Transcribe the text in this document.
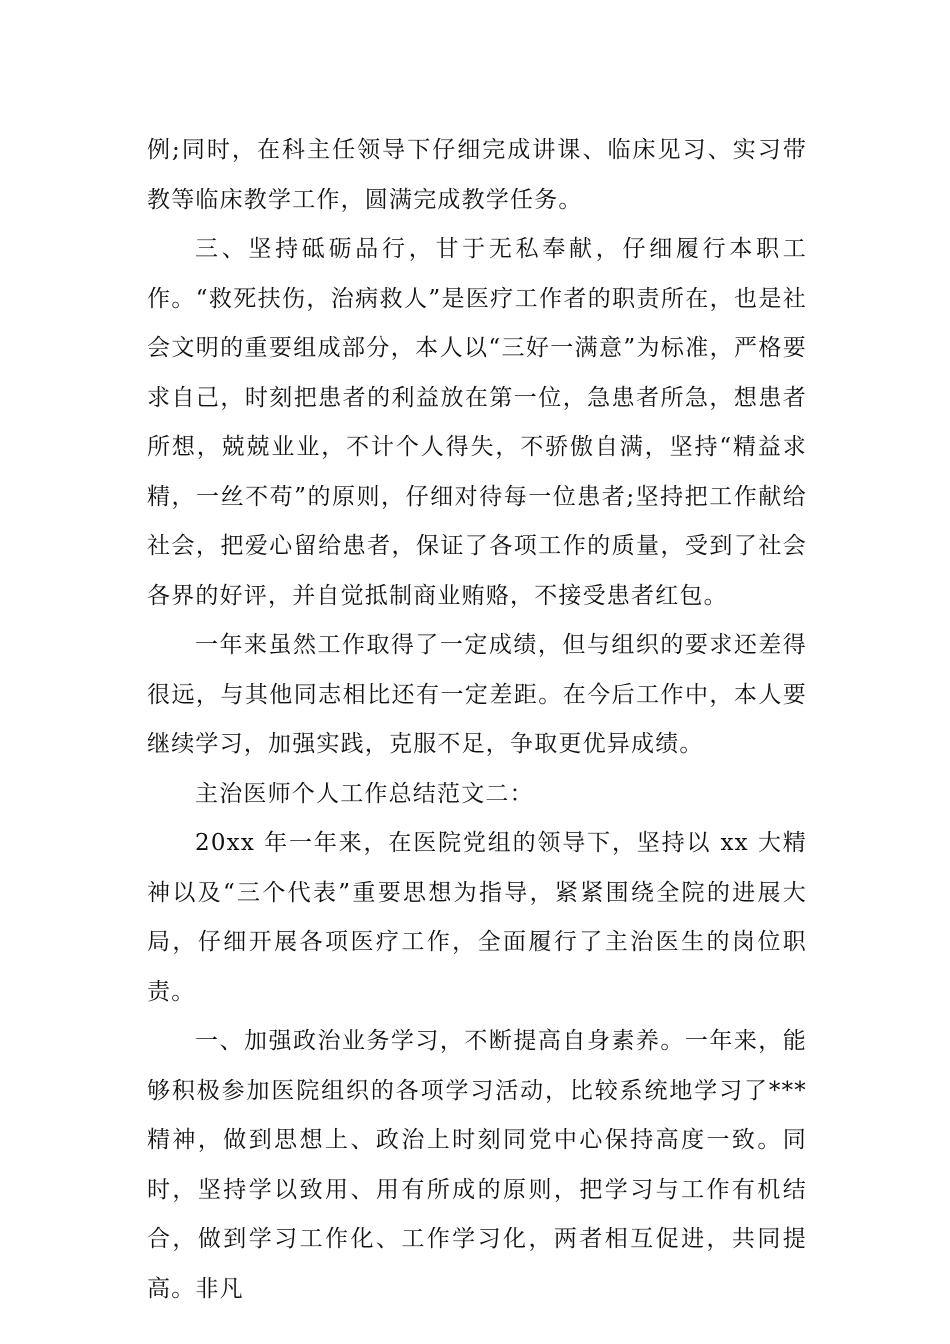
例;同时，在科主任领导下仔细完成讲课、临床见习、实习带教等临床教学工作，圆满完成教学任务。

三、坚持砥砺品行，甘于无私奉献，仔细履行本职工作。“救死扶伤，治病救人”是医疗工作者的职责所在，也是社会文明的重要组成部分，本人以“三好一满意”为标准，严格要求自己，时刻把患者的利益放在第一位，急患者所急，想患者所想，兢兢业业，不计个人得失，不骄傲自满，坚持“精益求精，一丝不苟”的原则，仔细对待每一位患者;坚持把工作献给社会，把爱心留给患者，保证了各项工作的质量，受到了社会各界的好评，并自觉抵制商业贿赂，不接受患者红包。

一年来虽然工作取得了一定成绩，但与组织的要求还差得很远，与其他同志相比还有一定差距。在今后工作中，本人要继续学习，加强实践，克服不足，争取更优异成绩。

主治医师个人工作总结范文二：

20xx 年一年来，在医院党组的领导下，坚持以 xx 大精神以及“三个代表”重要思想为指导，紧紧围绕全院的进展大局，仔细开展各项医疗工作，全面履行了主治医生的岗位职责。

一、加强政治业务学习，不断提高自身素养。一年来，能够积极参加医院组织的各项学习活动，比较系统地学习了***精神，做到思想上、政治上时刻同党中心保持高度一致。同时，坚持学以致用、用有所成的原则，把学习与工作有机结合，做到学习工作化、工作学习化，两者相互促进，共同提高。非凡
